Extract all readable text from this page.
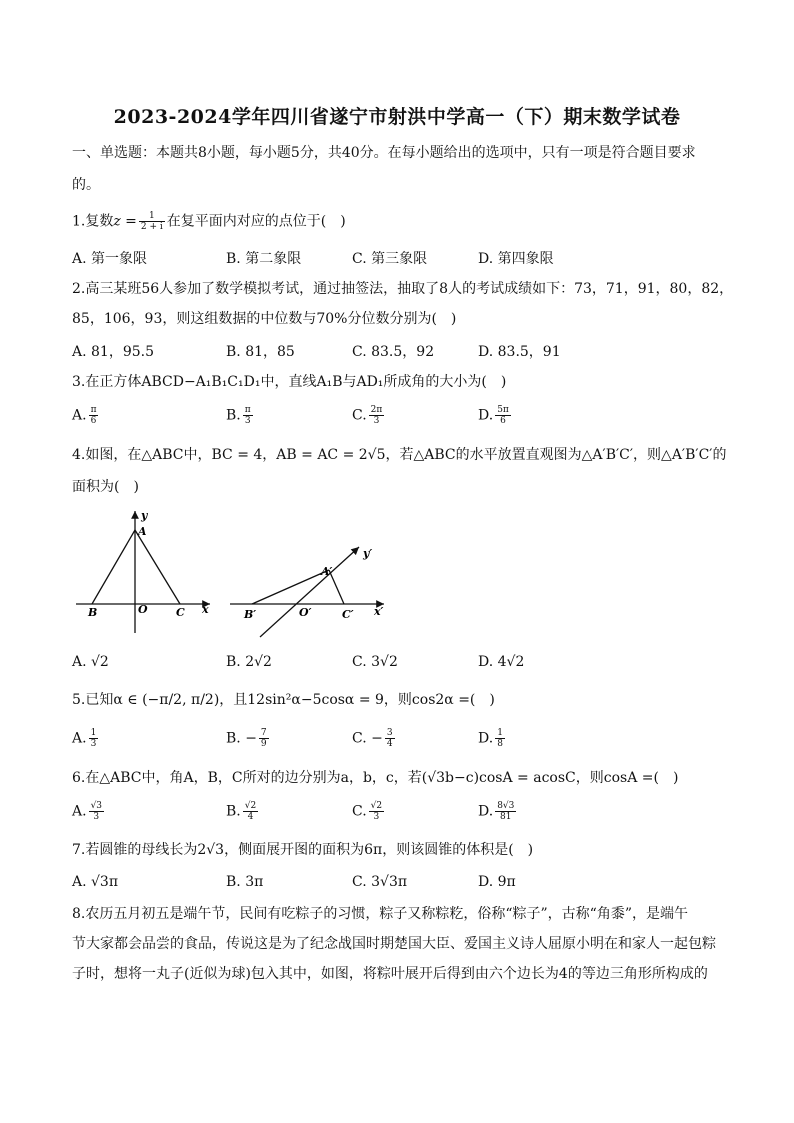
2023-2024学年四川省遂宁市射洪中学高一（下）期末数学试卷
一、单选题：本题共8小题，每小题5分，共40分。在每小题给出的选项中，只有一项是符合题目要求
的。
1.复数$z = \frac{1}{2 + i}$ 在复平面内对应的点位于(　)
A. 第一象限	B. 第二象限	C. 第三象限	D. 第四象限
2.高三某班56人参加了数学模拟考试，通过抽签法，抽取了8人的考试成绩如下：73，71，91，80，82，
85，106，93，则这组数据的中位数与70%分位数分别为(　)
A. 81，95.5	B. 81，85	C. 83.5，92	D. 83.5，91
3.在正方体ABCD−A₁B₁C₁D₁中，直线A₁B与AD₁所成角的大小为(　)
A. $\frac{\pi}{6}$	B. $\frac{\pi}{3}$	C. $\frac{2\pi}{3}$	D. $\frac{5\pi}{6}$
4.如图，在△ABC中，BC = 4，AB = AC = 2√5，若△ABC的水平放置直观图为△A′B′C′，则△A′B′C′的
面积为(　)
y
A
B	O	C x
y′
A′
B′	O′	C′ x′
A. √2	B. 2√2	C. 3√2	D. 4√2
5.已知α ∈ (−π/2, π/2)，且12sin²α−5cosα = 9，则cos2α =(　)
A. $\frac{1}{3}$	B. − $\frac{7}{9}$	C. − $\frac{3}{4}$	D. $\frac{1}{8}$
6.在△ABC中，角A，B，C所对的边分别为a，b，c，若(√3b−c)cosA = acosC，则cosA =(　)
A. $\frac{√3}{3}$	B. $\frac{√2}{4}$	C. $\frac{√2}{3}$	D. $\frac{8√3}{81}$
7.若圆锥的母线长为2√3，侧面展开图的面积为6π，则该圆锥的体积是(　)
A. √3π	B. 3π	C. 3√3π	D. 9π
8.农历五月初五是端午节，民间有吃粽子的习惯，粽子又称粽籺，俗称“粽子”，古称“角黍”，是端午
节大家都会品尝的食品，传说这是为了纪念战国时期楚国大臣、爱国主义诗人屈原小明在和家人一起包粽
子时，想将一丸子(近似为球)包入其中，如图，将粽叶展开后得到由六个边长为4的等边三角形所构成的
